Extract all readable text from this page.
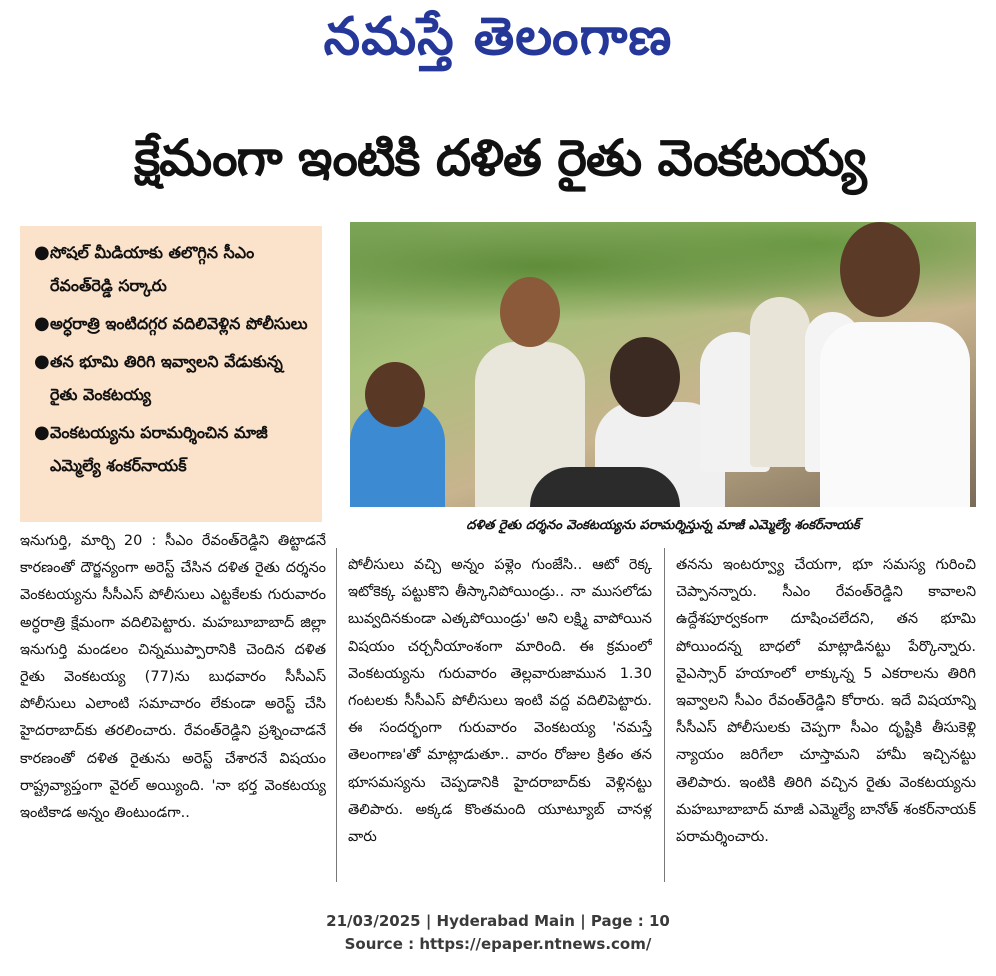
నమస్తే తెలంగాణ
క్షేమంగా ఇంటికి దళిత రైతు వెంకటయ్య
● సోషల్ మీడియాకు తలొగ్గిన సీఎం రేవంత్‌రెడ్డి సర్కారు
● అర్ధరాత్రి ఇంటిదగ్గర వదిలివెళ్లిన పోలీసులు
● తన భూమి తిరిగి ఇవ్వాలని వేడుకున్న రైతు వెంకటయ్య
● వెంకటయ్యను పరామర్శించిన మాజీ ఎమ్మెల్యే శంకర్‌నాయక్
దళిత రైతు దర్శనం వెంకటయ్యను పరామర్శిస్తున్న మాజీ ఎమ్మెల్యే శంకర్‌నాయక్
ఇనుగుర్తి, మార్చి 20 : సీఎం రేవంత్‌రెడ్డిని తిట్టాడనే కారణంతో దౌర్జన్యంగా అరెస్ట్ చేసిన దళిత రైతు దర్శనం వెంకటయ్యను సీసీఎస్ పోలీసులు ఎట్టకేలకు గురువారం అర్ధరాత్రి క్షేమంగా వదిలిపెట్టారు. మహబూబాబాద్ జిల్లా ఇనుగుర్తి మండలం చిన్నముప్పారానికి చెందిన దళిత రైతు వెంకటయ్య (77)ను బుధవారం సీసీఎస్ పోలీసులు ఎలాంటి సమాచారం లేకుండా అరెస్ట్ చేసి హైదరాబాద్‌కు తరలించారు. రేవంత్‌రెడ్డిని ప్రశ్నించాడనే కారణంతో దళిత రైతును అరెస్ట్ చేశారనే విషయం రాష్ట్రవ్యాప్తంగా వైరల్ అయ్యింది. 'నా భర్త వెంకటయ్య ఇంటికాడ అన్నం తింటుండగా..
పోలీసులు వచ్చి అన్నం పళ్లెం గుంజేసి.. ఆటో రెక్క ఇటోకెక్క పట్టుకొని తీస్కానిపోయిండ్రు.. నా ముసలోడు బువ్వదినకుండా ఎత్కపోయిండ్రు' అని లక్ష్మి వాపోయిన విషయం చర్చనీయాంశంగా మారింది. ఈ క్రమంలో వెంకటయ్యను గురువారం తెల్లవారుజామున 1.30 గంటలకు సీసీఎస్ పోలీసులు ఇంటి వద్ద వదిలిపెట్టారు. ఈ సందర్భంగా గురువారం వెంకటయ్య 'నమస్తే తెలంగాణ'తో మాట్లాడుతూ.. వారం రోజుల క్రితం తన భూసమస్యను చెప్పడానికి హైదరాబాద్‌కు వెళ్లినట్టు తెలిపారు. అక్కడ కొంతమంది యూట్యూబ్ చానళ్ల వారు
తనను ఇంటర్వ్యూ చేయగా, భూ సమస్య గురించి చెప్పానన్నారు. సీఎం రేవంత్‌రెడ్డిని కావాలని ఉద్దేశపూర్వకంగా దూషించలేదని, తన భూమి పోయిందన్న బాధలో మాట్లాడినట్టు పేర్కొన్నారు. వైఎస్సార్ హయాంలో లాక్కున్న 5 ఎకరాలను తిరిగి ఇవ్వాలని సీఎం రేవంత్‌రెడ్డిని కోరారు. ఇదే విషయాన్ని సీసీఎస్ పోలీసులకు చెప్పగా సీఎం దృష్టికి తీసుకెళ్లి న్యాయం జరిగేలా చూస్తామని హామీ ఇచ్చినట్టు తెలిపారు. ఇంటికి తిరిగి వచ్చిన రైతు వెంకటయ్యను మహబూబాబాద్ మాజీ ఎమ్మెల్యే బానోత్ శంకర్‌నాయక్ పరామర్శించారు.
21/03/2025 | Hyderabad Main | Page : 10
Source : https://epaper.ntnews.com/
